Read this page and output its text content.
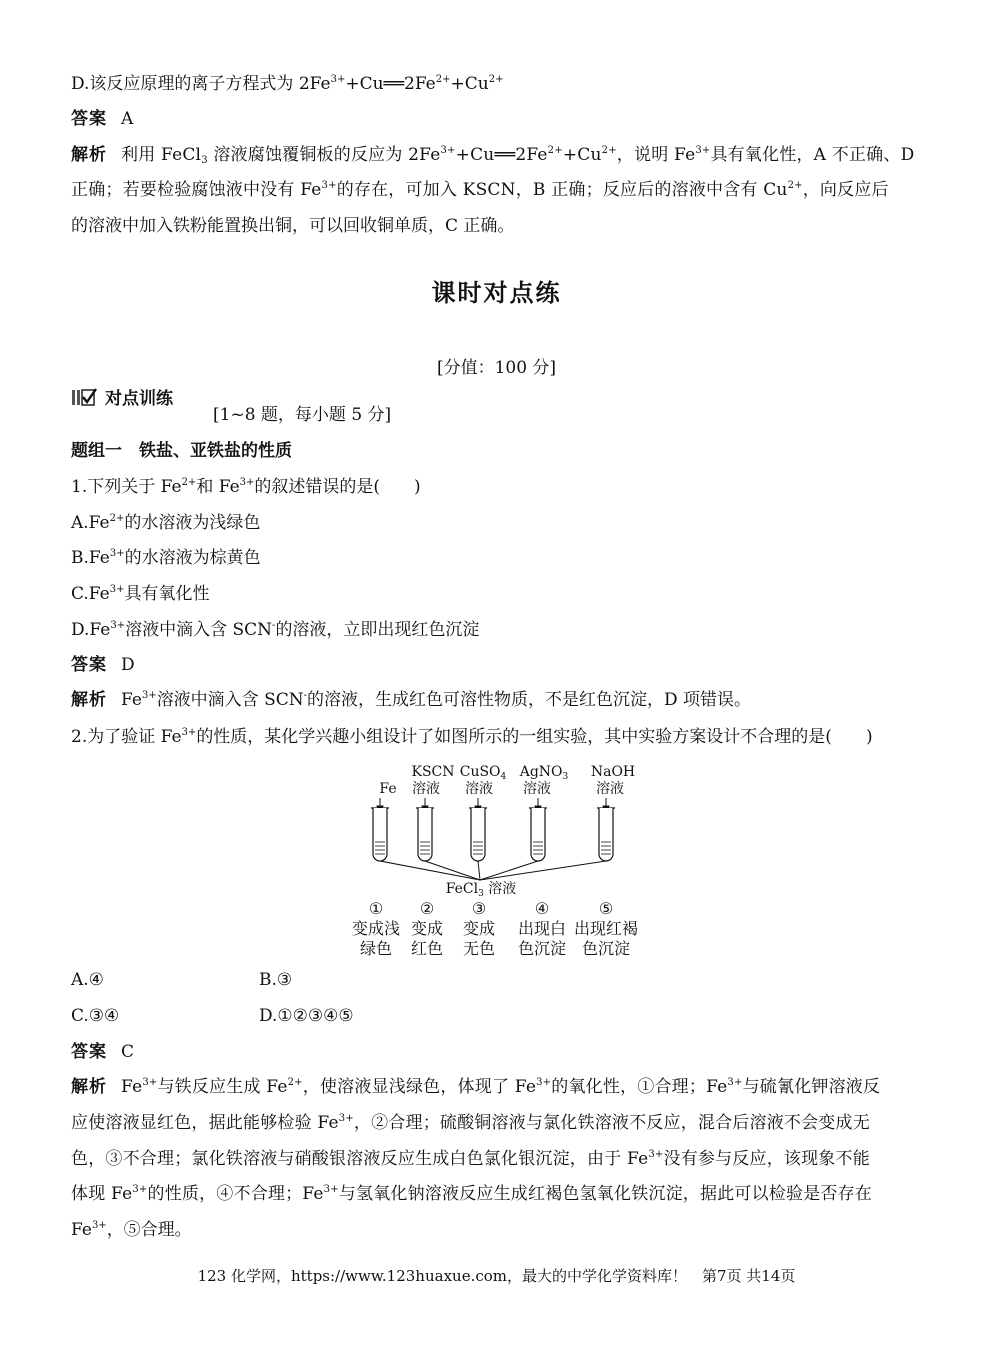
D.该反应原理的离子方程式为 $2Fe^{3+}+Cu══2Fe^{2+}+Cu^{2+}$
答案 A
解析 利用 FeCl$_3$ 溶液腐蚀覆铜板的反应为 $2Fe^{3+}+Cu══2Fe^{2+}+Cu^{2+}$，说明 $Fe^{3+}$具有氧化性，A 不正确、D
正确；若要检验腐蚀液中没有 $Fe^{3+}$的存在，可加入 KSCN，B 正确；反应后的溶液中含有 $Cu^{2+}$，向反应后
的溶液中加入铁粉能置换出铜，可以回收铜单质，C 正确。
课时对点练
[分值：100 分]
对点训练
[1~8 题，每小题 5 分]
题组一　铁盐、亚铁盐的性质
1.下列关于 $Fe^{2+}$和 $Fe^{3+}$的叙述错误的是(　　)
$A.Fe^{2+}$的水溶液为浅绿色
$B.Fe^{3+}$的水溶液为棕黄色
$C.Fe^{3+}$具有氧化性
$D.Fe^{3+}$溶液中滴入含 SCN-的溶液，立即出现红色沉淀
答案 D
解析 $Fe^{3+}$溶液中滴入含 SCN-的溶液，生成红色可溶性物质，不是红色沉淀，D 项错误。
2.为了验证 $Fe^{3+}$的性质，某化学兴趣小组设计了如图所示的一组实验，其中实验方案设计不合理的是(　　)
Fe
KSCN
溶液
CuSO$_4$
溶液
AgNO$_3$
溶液
NaOH
溶液
FeCl$_3$ 溶液
①
变成浅
绿色
②
变成
红色
③
变成
无色
④
出现白
色沉淀
⑤
出现红褐
色沉淀
A.④	B.③
C.③④	D.①②③④⑤
答案 C
解析 $Fe^{3+}$与铁反应生成 $Fe^{2+}$，使溶液显浅绿色，体现了 $Fe^{3+}$的氧化性，①合理；$Fe^{3+}$与硫氰化钾溶液反
应使溶液显红色，据此能够检验 $Fe^{3+}$，②合理；硫酸铜溶液与氯化铁溶液不反应，混合后溶液不会变成无
色，③不合理；氯化铁溶液与硝酸银溶液反应生成白色氯化银沉淀，由于 $Fe^{3+}$没有参与反应，该现象不能
体现 $Fe^{3+}$的性质，④不合理；$Fe^{3+}$与氢氧化钠溶液反应生成红褐色氢氧化铁沉淀，据此可以检验是否存在
$Fe^{3+}$，⑤合理。
123 化学网，https://www.123huaxue.com，最大的中学化学资料库！　第7页 共14页
